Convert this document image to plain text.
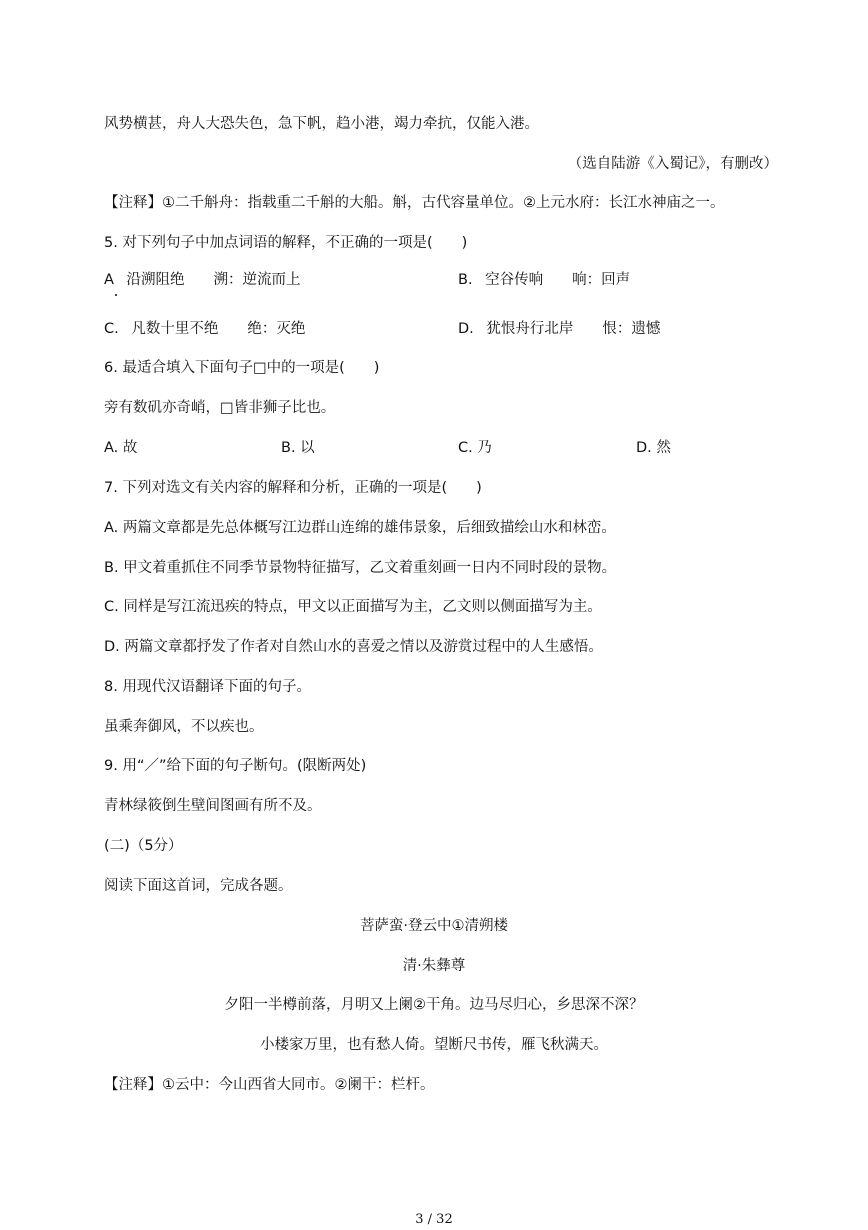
风势横甚，舟人大恐失色，急下帆，趋小港，竭力牵抗，仅能入港。
（选自陆游《入蜀记》，有删改）
【注释】①二千斛舟：指载重二千斛的大船。斛，古代容量单位。②上元水府：长江水神庙之一。
5. 对下列句子中加点词语的解释，不正确的一项是(　　)
A 沿溯阻绝　　溯：逆流而上	B. 空谷传响　　响：回声
C. 凡数十里不绝　　绝：灭绝	D. 犹恨舟行北岸　　恨：遗憾
6. 最适合填入下面句子□中的一项是(　　)
旁有数矶亦奇峭，□皆非狮子比也。
A. 故	B. 以	C. 乃	D. 然
7. 下列对选文有关内容的解释和分析，正确的一项是(　　)
A. 两篇文章都是先总体概写江边群山连绵的雄伟景象，后细致描绘山水和林峦。
B. 甲文着重抓住不同季节景物特征描写，乙文着重刻画一日内不同时段的景物。
C. 同样是写江流迅疾的特点，甲文以正面描写为主，乙文则以侧面描写为主。
D. 两篇文章都抒发了作者对自然山水的喜爱之情以及游赏过程中的人生感悟。
8. 用现代汉语翻译下面的句子。
虽乘奔御风，不以疾也。
9. 用“／”给下面的句子断句。(限断两处)
青林绿筱倒生壁间图画有所不及。
(二)（5分）
阅读下面这首词，完成各题。
菩萨蛮·登云中①清朔楼
清·朱彝尊
夕阳一半樽前落，月明又上阑②干角。边马尽归心，乡思深不深？
小楼家万里，也有愁人倚。望断尺书传，雁飞秋满天。
【注释】①云中：今山西省大同市。②阑干：栏杆。
3 / 32
